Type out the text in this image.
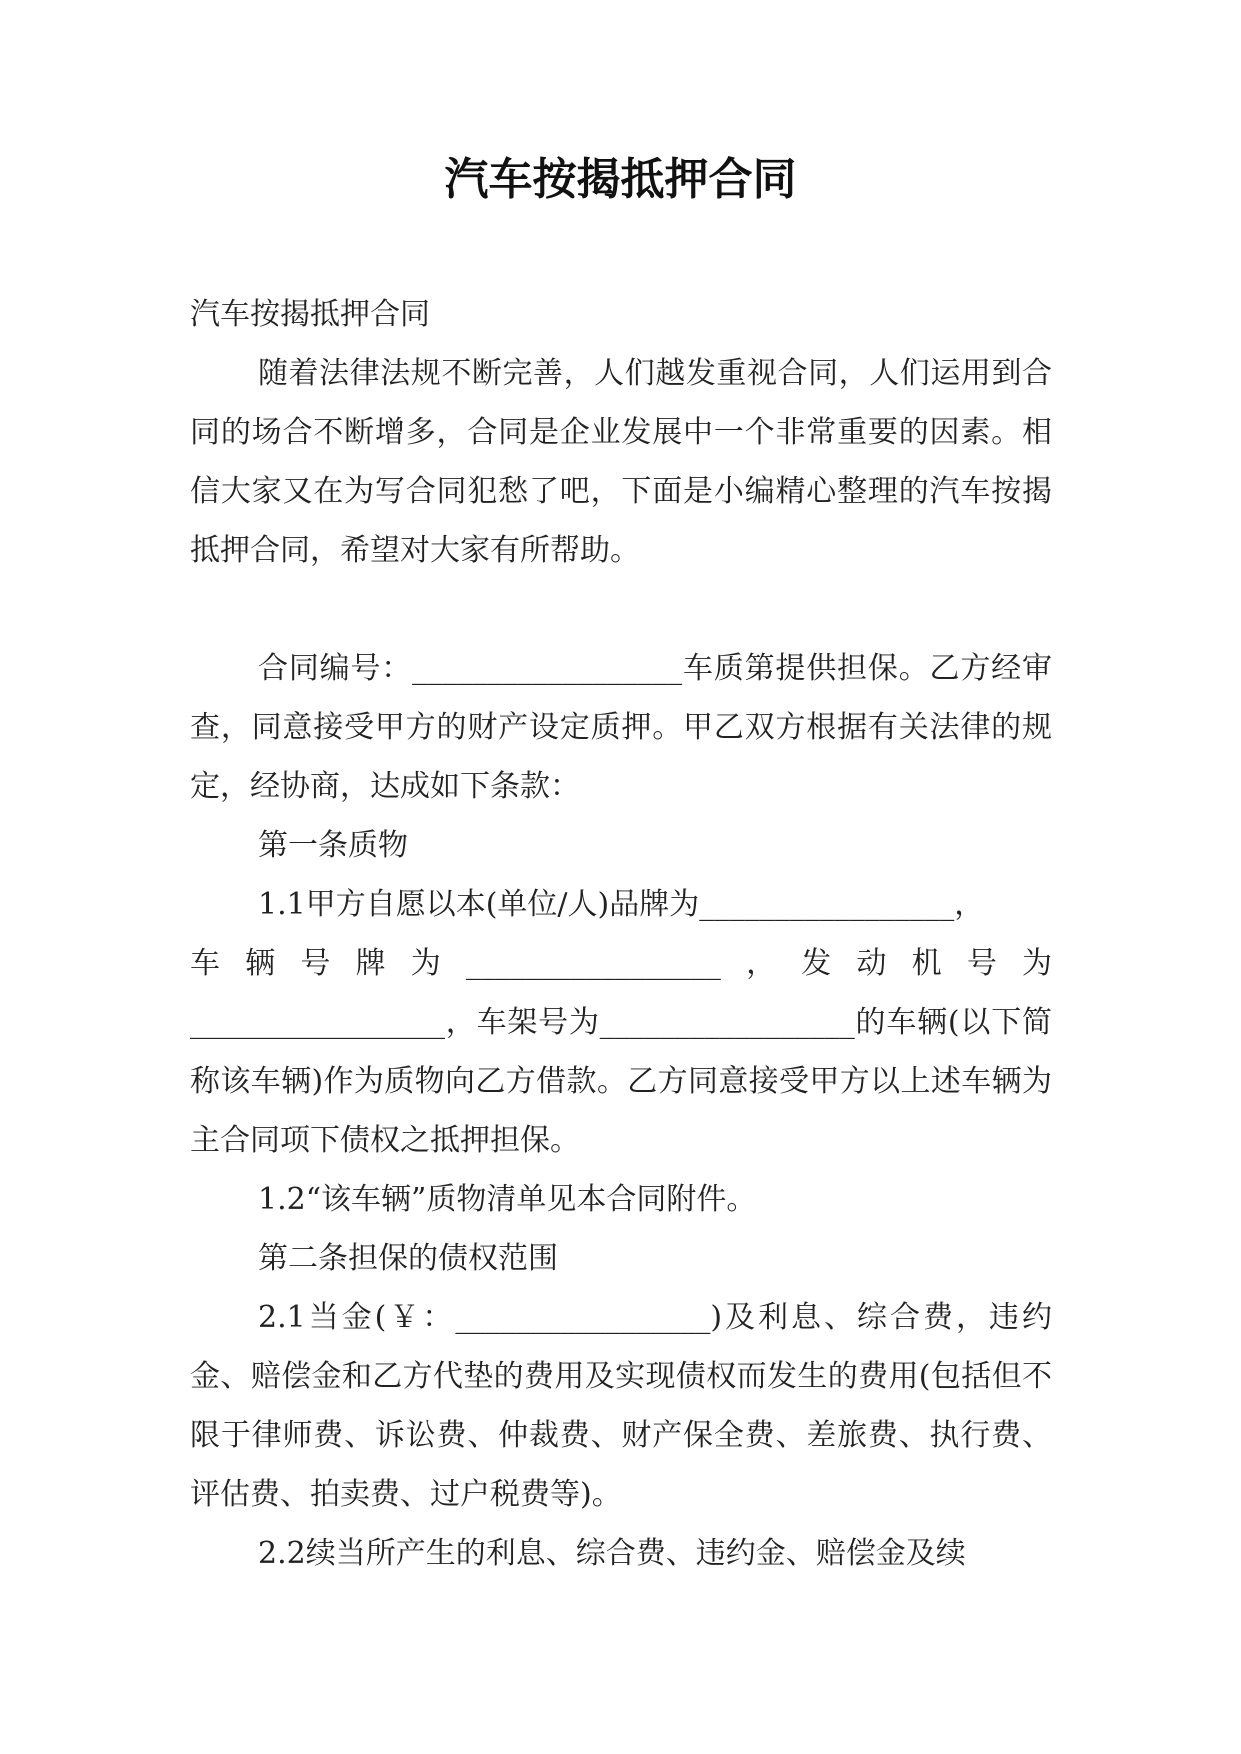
汽车按揭抵押合同

汽车按揭抵押合同

随着法律法规不断完善，人们越发重视合同，人们运用到合同的场合不断增多，合同是企业发展中一个非常重要的因素。相信大家又在为写合同犯愁了吧，下面是小编精心整理的汽车按揭抵押合同，希望对大家有所帮助。

合同编号：__________________车质第提供担保。乙方经审查，同意接受甲方的财产设定质押。甲乙双方根据有关法律的规定，经协商，达成如下条款：

第一条质物

1.1甲方自愿以本(单位/人)品牌为_________________，

车辆号牌为_________________，发动机号为

_________________，车架号为_________________的车辆(以下简称该车辆)作为质物向乙方借款。乙方同意接受甲方以上述车辆为主合同项下债权之抵押担保。

1.2“该车辆”质物清单见本合同附件。

第二条担保的债权范围

2.1当金(￥：_________________)及利息、综合费，违约金、赔偿金和乙方代垫的费用及实现债权而发生的费用(包括但不限于律师费、诉讼费、仲裁费、财产保全费、差旅费、执行费、评估费、拍卖费、过户税费等)。

2.2续当所产生的利息、综合费、违约金、赔偿金及续
